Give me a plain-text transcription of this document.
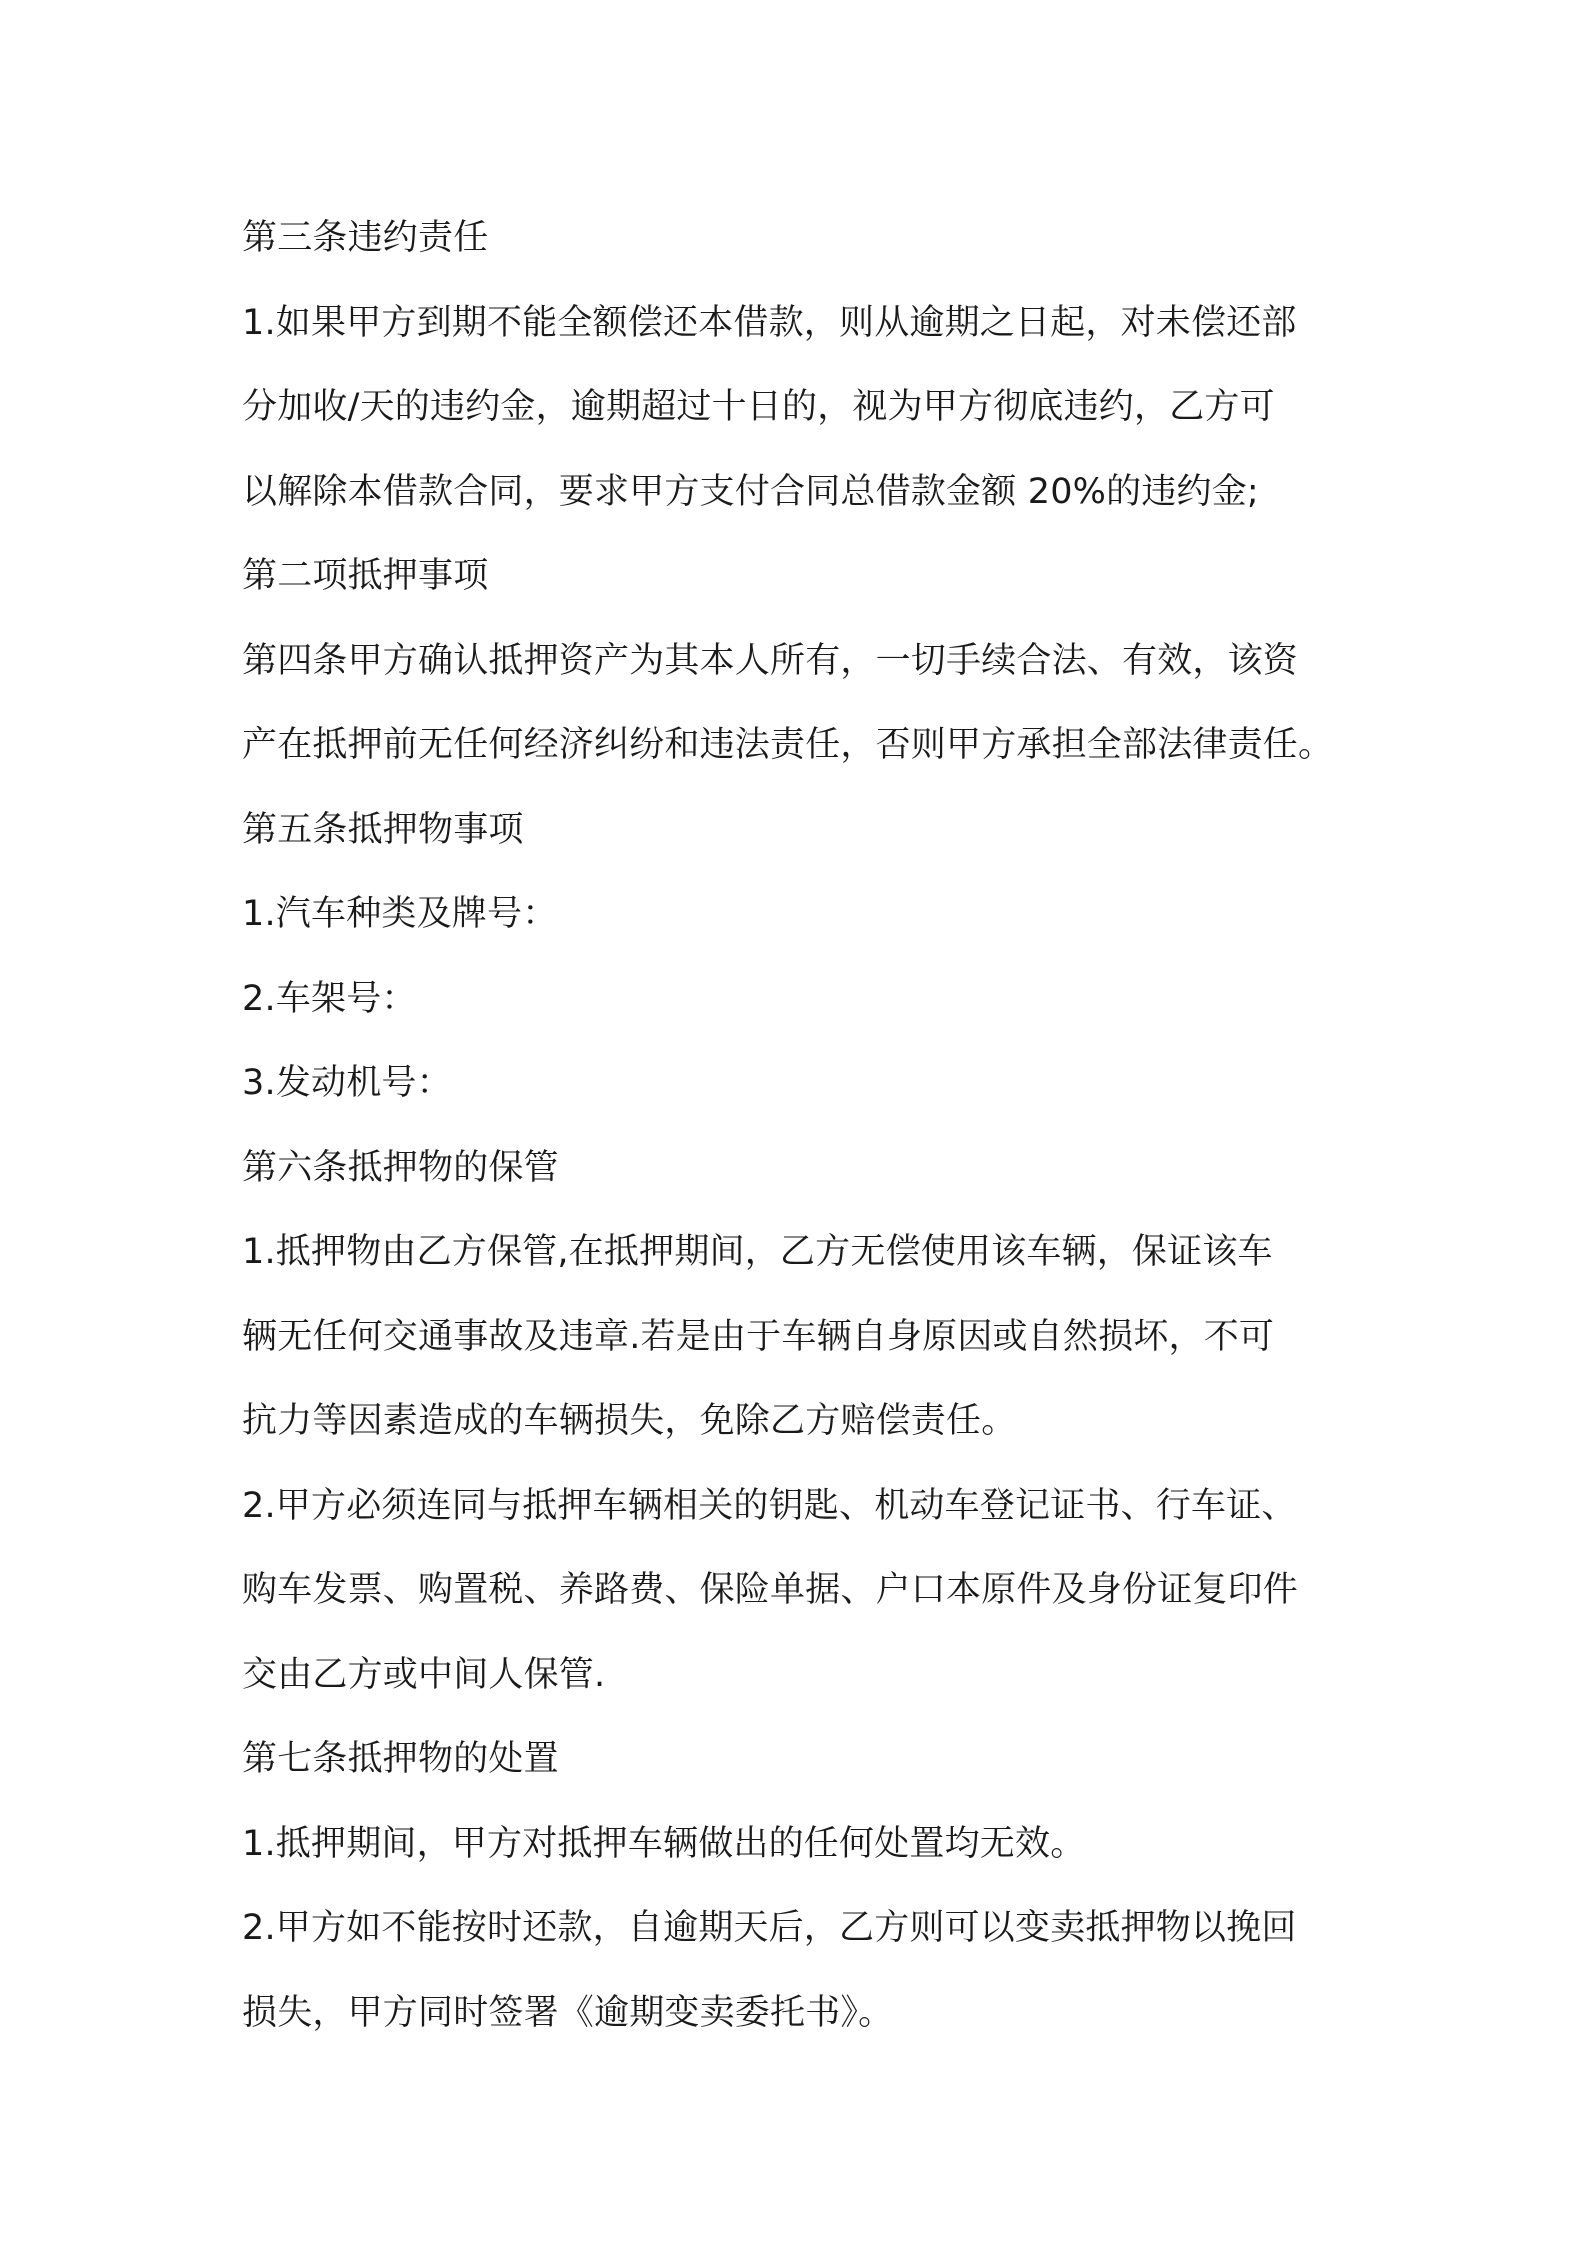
第三条违约责任
1.如果甲方到期不能全额偿还本借款，则从逾期之日起，对未偿还部
分加收/天的违约金，逾期超过十日的，视为甲方彻底违约，乙方可
以解除本借款合同，要求甲方支付合同总借款金额 20%的违约金;
第二项抵押事项
第四条甲方确认抵押资产为其本人所有，一切手续合法、有效，该资
产在抵押前无任何经济纠纷和违法责任，否则甲方承担全部法律责任。
第五条抵押物事项
1.汽车种类及牌号：
2.车架号：
3.发动机号：
第六条抵押物的保管
1.抵押物由乙方保管,在抵押期间，乙方无偿使用该车辆，保证该车
辆无任何交通事故及违章.若是由于车辆自身原因或自然损坏，不可
抗力等因素造成的车辆损失，免除乙方赔偿责任。
2.甲方必须连同与抵押车辆相关的钥匙、机动车登记证书、行车证、
购车发票、购置税、养路费、保险单据、户口本原件及身份证复印件
交由乙方或中间人保管.
第七条抵押物的处置
1.抵押期间，甲方对抵押车辆做出的任何处置均无效。
2.甲方如不能按时还款，自逾期天后，乙方则可以变卖抵押物以挽回
损失，甲方同时签署《逾期变卖委托书》。
